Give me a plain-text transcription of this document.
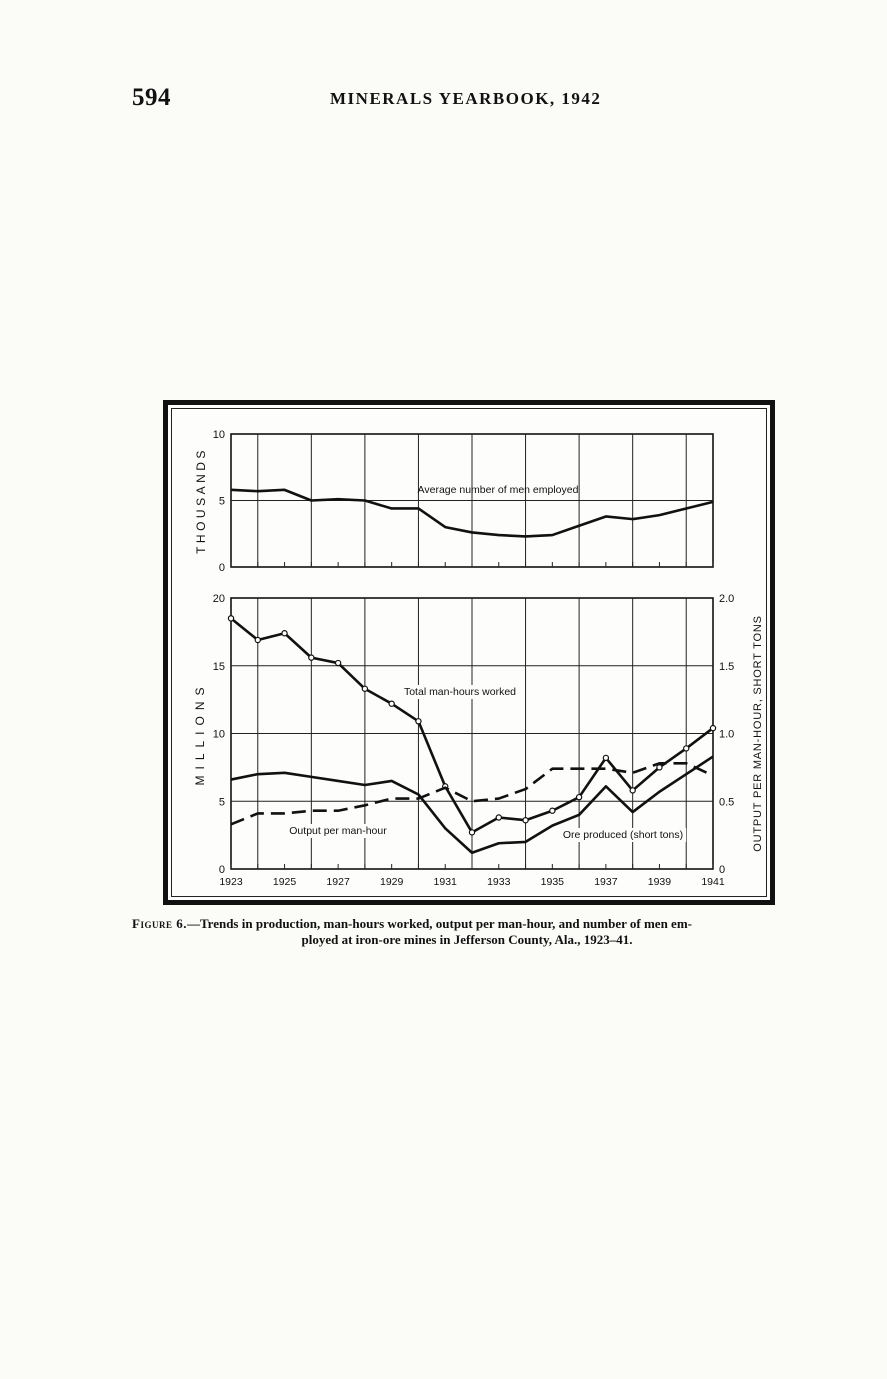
594	MINERALS YEARBOOK, 1942
0
5
10
THOUSANDS	Average number of men employed
0
5
10
15
20
0
0.5
1.0
1.5
2.0
1923	1925	1927	1929	1931	1933	1935	1937	1939	1941
MILLIONS	OUTPUT PER MAN-HOUR, SHORT TONS
Total man-hours worked
Output per man-hour	Ore produced (short tons)
Figure 6.—Trends in production, man-hours worked, output per man-hour, and number of men em-
ployed at iron-ore mines in Jefferson County, Ala., 1923–41.
